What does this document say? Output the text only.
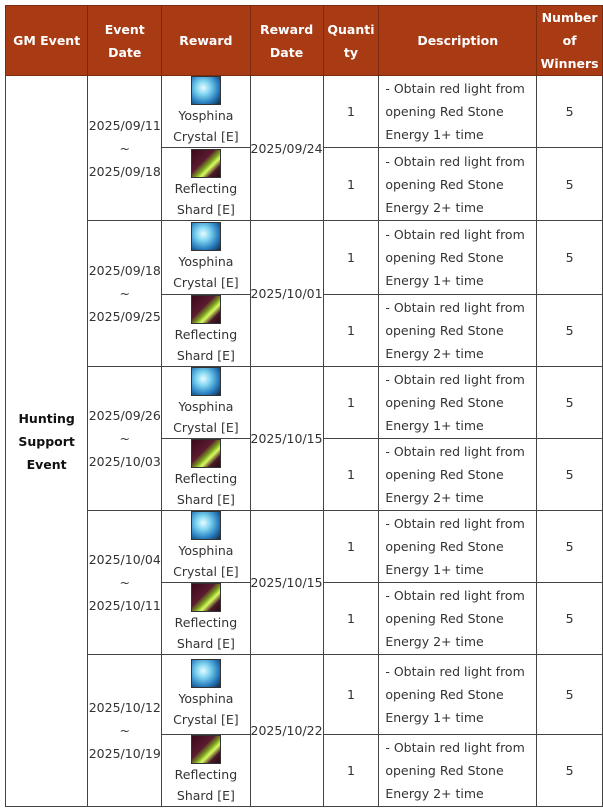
GM Event	Event Date	Reward	Reward Date	Quanti ty	Description	Number of Winners
Hunting Support Event	2025/09/11 ~ 2025/09/18	Yosphina Crystal [E]	2025/09/24	1	- Obtain red light from opening Red Stone Energy 1+ time	5

		Reflecting Shard [E]		1	- Obtain red light from opening Red Stone Energy 2+ time	5
	2025/09/18 ~ 2025/09/25	Yosphina Crystal [E]	2025/10/01	1	- Obtain red light from opening Red Stone Energy 1+ time	5

		Reflecting Shard [E]		1	- Obtain red light from opening Red Stone Energy 2+ time	5
	2025/09/26 ~ 2025/10/03	Yosphina Crystal [E]	2025/10/15	1	- Obtain red light from opening Red Stone Energy 1+ time	5

		Reflecting Shard [E]		1	- Obtain red light from opening Red Stone Energy 2+ time	5
	2025/10/04 ~ 2025/10/11	Yosphina Crystal [E]	2025/10/15	1	- Obtain red light from opening Red Stone Energy 1+ time	5

		Reflecting Shard [E]		1	- Obtain red light from opening Red Stone Energy 2+ time	5
	2025/10/12 ~ 2025/10/19	Yosphina Crystal [E]	2025/10/22	1	- Obtain red light from opening Red Stone Energy 1+ time	5

		Reflecting Shard [E]		1	- Obtain red light from opening Red Stone Energy 2+ time	5
